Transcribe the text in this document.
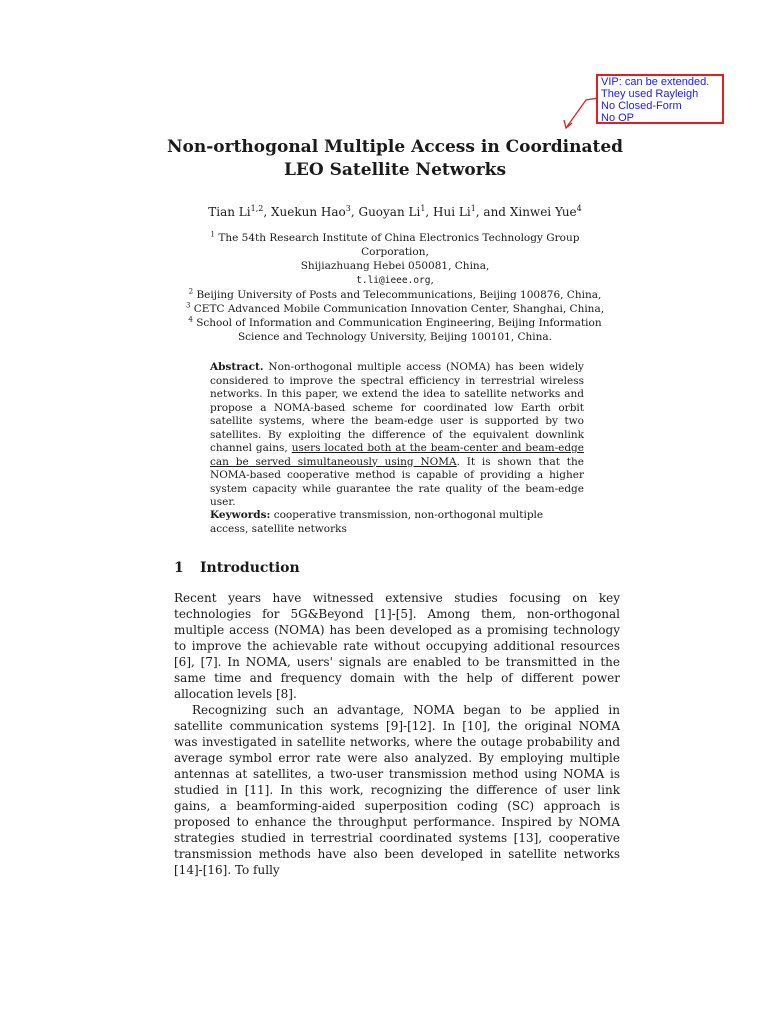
VIP: can be extended.
They used Rayleigh
No Closed-Form
No OP
Non-orthogonal Multiple Access in Coordinated
LEO Satellite Networks
Tian Li$^{1,2}$, Xuekun Hao$^3$, Guoyan Li$^1$, Hui Li$^1$, and Xinwei Yue$^4$
$^1$ The 54th Research Institute of China Electronics Technology Group Corporation,
Shijiazhuang Hebei 050081, China,
t.li@ieee.org,
$^2$ Beijing University of Posts and Telecommunications, Beijing 100876, China,
$^3$ CETC Advanced Mobile Communication Innovation Center, Shanghai, China,
$^4$ School of Information and Communication Engineering, Beijing Information
Science and Technology University, Beijing 100101, China.
Abstract. Non-orthogonal multiple access (NOMA) has been widely considered to improve the spectral efficiency in terrestrial wireless networks. In this paper, we extend the idea to satellite networks and propose a NOMA-based scheme for coordinated low Earth orbit satellite systems, where the beam-edge user is supported by two satellites. By exploiting the difference of the equivalent downlink channel gains, users located both at the beam-center and beam-edge can be served simultaneously using NOMA. It is shown that the NOMA-based cooperative method is capable of providing a higher system capacity while guarantee the rate quality of the beam-edge user.
Keywords: cooperative transmission, non-orthogonal multiple access, satellite networks
1 Introduction

Recent years have witnessed extensive studies focusing on key technologies for 5G&Beyond [1]-[5]. Among them, non-orthogonal multiple access (NOMA) has been developed as a promising technology to improve the achievable rate without occupying additional resources [6], [7]. In NOMA, users' signals are enabled to be transmitted in the same time and frequency domain with the help of different power allocation levels [8].

Recognizing such an advantage, NOMA began to be applied in satellite communication systems [9]-[12]. In [10], the original NOMA was investigated in satellite networks, where the outage probability and average symbol error rate were also analyzed. By employing multiple antennas at satellites, a two-user transmission method using NOMA is studied in [11]. In this work, recognizing the difference of user link gains, a beamforming-aided superposition coding (SC) approach is proposed to enhance the throughput performance. Inspired by NOMA strategies studied in terrestrial coordinated systems [13], cooperative transmission methods have also been developed in satellite networks [14]-[16]. To fully
